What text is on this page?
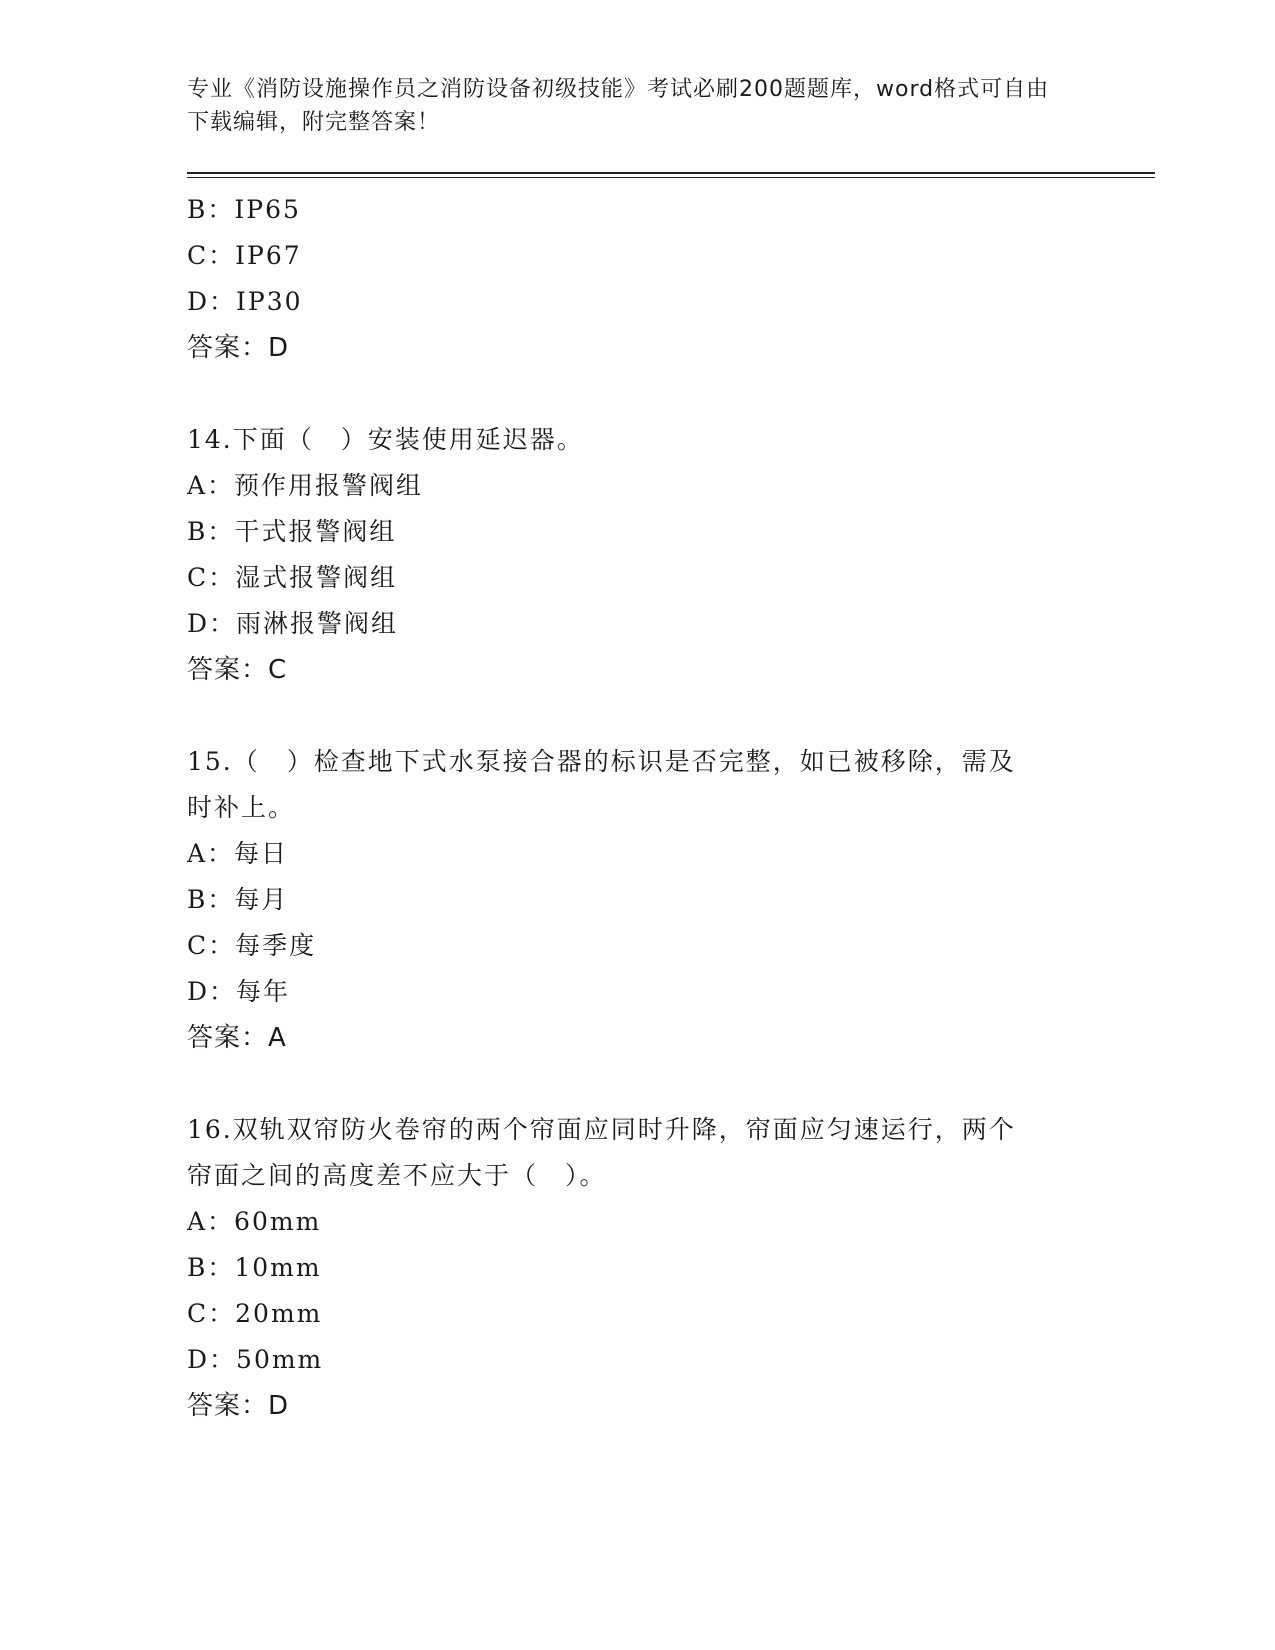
专业《消防设施操作员之消防设备初级技能》考试必刷200题题库，word格式可自由下载编辑，附完整答案！
B：IP65
C：IP67
D：IP30
答案：D
14.下面（　）安装使用延迟器。
A：预作用报警阀组
B：干式报警阀组
C：湿式报警阀组
D：雨淋报警阀组
答案：C
15.（　）检查地下式水泵接合器的标识是否完整，如已被移除，需及
时补上。
A：每日
B：每月
C：每季度
D：每年
答案：A
16.双轨双帘防火卷帘的两个帘面应同时升降，帘面应匀速运行，两个
帘面之间的高度差不应大于（　）。
A：60mm
B：10mm
C：20mm
D：50mm
答案：D
